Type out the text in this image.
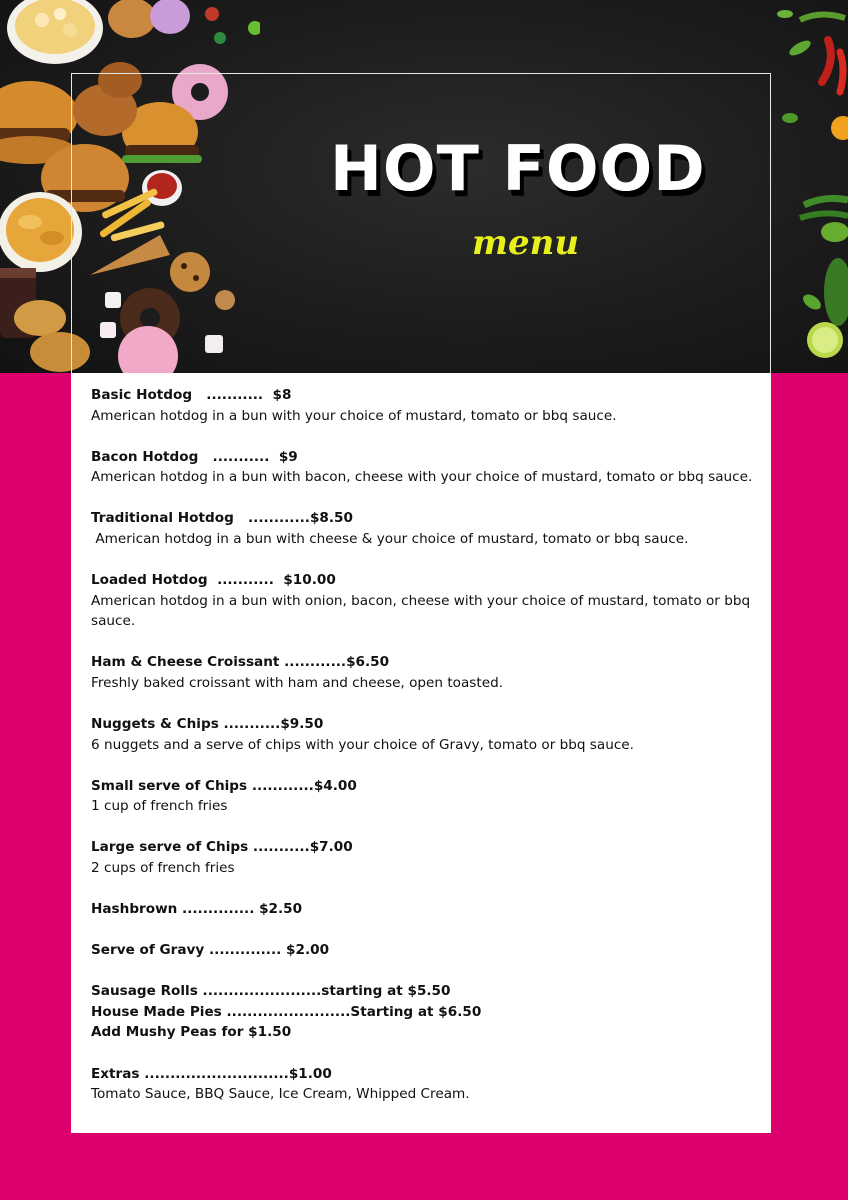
HOT FOOD
menu
Basic Hotdog   ...........  $8
American hotdog in a bun with your choice of mustard, tomato or bbq sauce.
Bacon Hotdog   ...........  $9
American hotdog in a bun with bacon, cheese with your choice of mustard, tomato or bbq sauce.
Traditional Hotdog   ............$8.50
American hotdog in a bun with cheese & your choice of mustard, tomato or bbq sauce.
Loaded Hotdog  ...........  $10.00
American hotdog in a bun with onion, bacon, cheese with your choice of mustard, tomato or bbq sauce.
Ham & Cheese Croissant ............$6.50
Freshly baked croissant with ham and cheese, open toasted.
Nuggets & Chips ...........$9.50
6 nuggets and a serve of chips with your choice of Gravy, tomato or bbq sauce.
Small serve of Chips ............$4.00
1 cup of french fries
Large serve of Chips ...........$7.00
2 cups of french fries
Hashbrown .............. $2.50
Serve of Gravy .............. $2.00
Sausage Rolls .......................starting at $5.50
House Made Pies ........................Starting at $6.50
Add Mushy Peas for $1.50
Extras ............................$1.00
Tomato Sauce, BBQ Sauce, Ice Cream, Whipped Cream.
